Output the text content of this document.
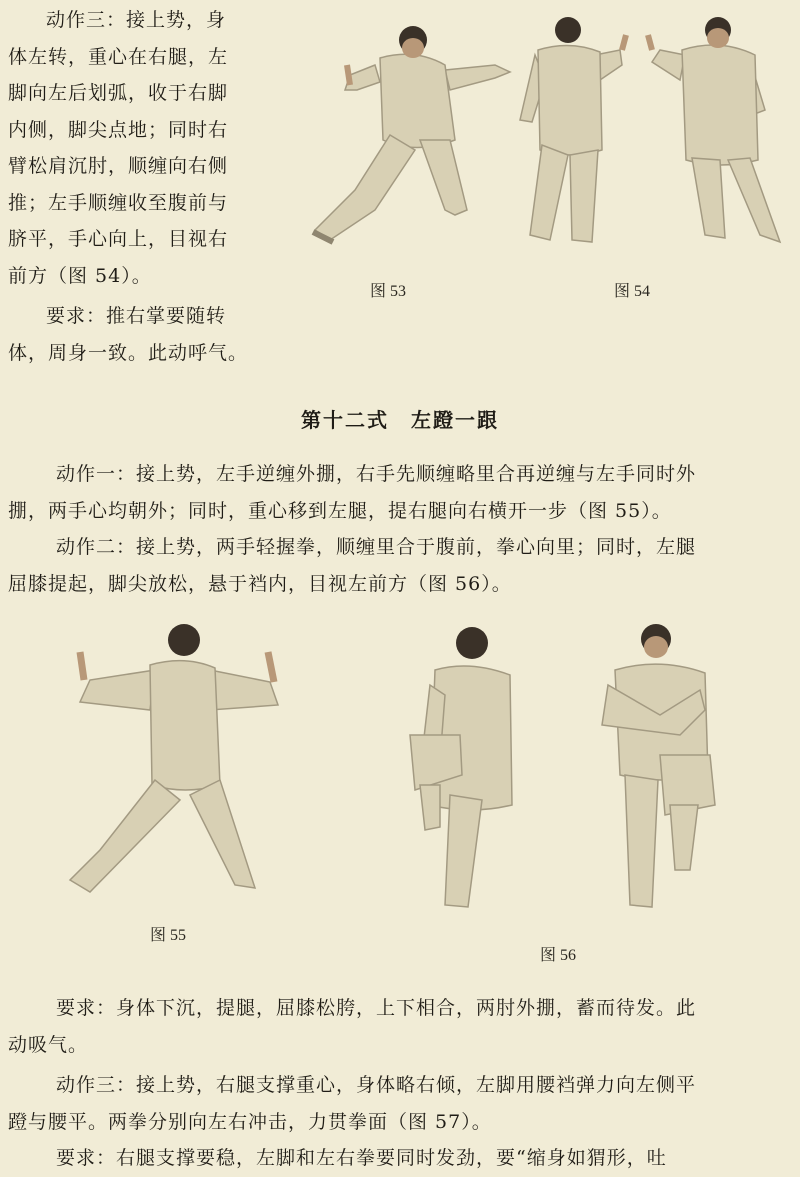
动作三：接上势，身
体左转，重心在右腿，左
脚向左后划弧，收于右脚
内侧，脚尖点地；同时右
臂松肩沉肘，顺缠向右侧
推；左手顺缠收至腹前与
脐平，手心向上，目视右
前方（图 54）。
要求：推右掌要随转
体，周身一致。此动呼气。
图 53	图 54
第十二式　左蹬一跟
动作一：接上势，左手逆缠外掤，右手先顺缠略里合再逆缠与左手同时外
掤，两手心均朝外；同时，重心移到左腿，提右腿向右横开一步（图 55）。
动作二：接上势，两手轻握拳，顺缠里合于腹前，拳心向里；同时，左腿
屈膝提起，脚尖放松，悬于裆内，目视左前方（图 56）。
图 55
图 56
要求：身体下沉，提腿，屈膝松胯，上下相合，两肘外掤，蓄而待发。此
动吸气。
动作三：接上势，右腿支撑重心，身体略右倾，左脚用腰裆弹力向左侧平
蹬与腰平。两拳分别向左右冲击，力贯拳面（图 57）。
要求：右腿支撑要稳，左脚和左右拳要同时发劲，要“缩身如猬形，吐
